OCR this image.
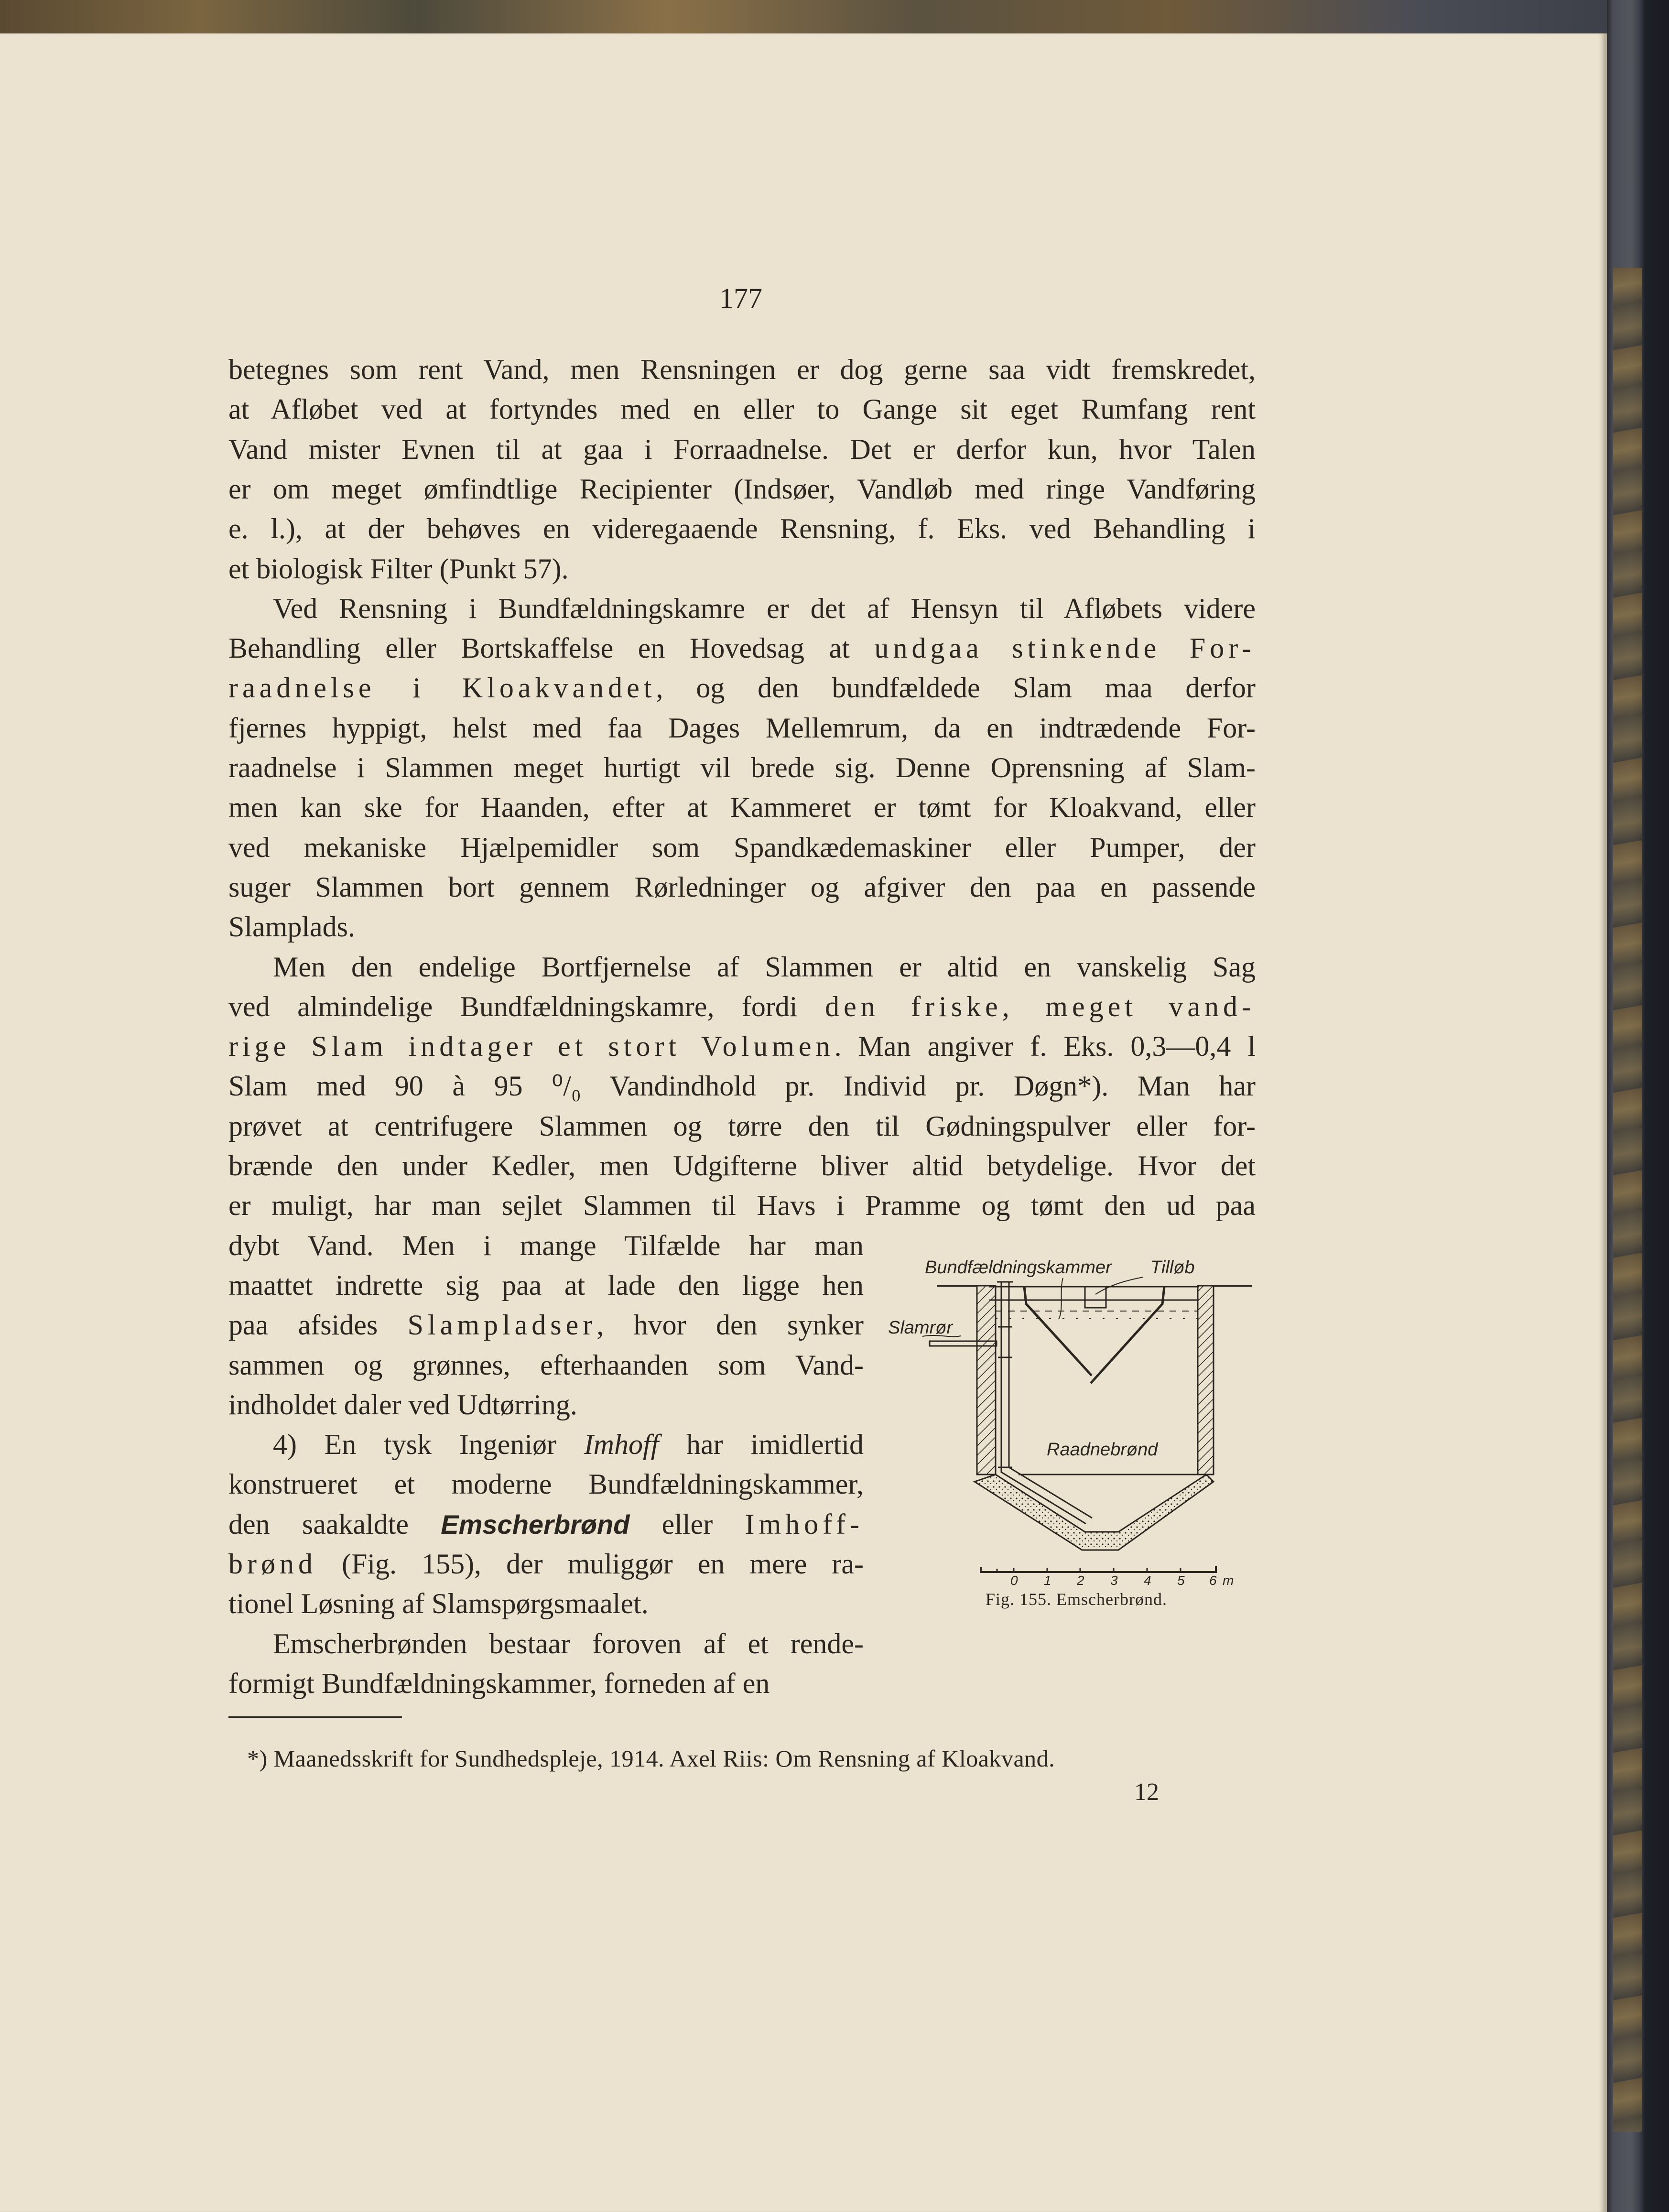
177
betegnes som rent Vand, men Rensningen er dog gerne saa vidt fremskredet,
at Afløbet ved at fortyndes med en eller to Gange sit eget Rumfang rent
Vand mister Evnen til at gaa i Forraadnelse. Det er derfor kun, hvor Talen
er om meget ømfindtlige Recipienter (Indsøer, Vandløb med ringe Vandføring
e. l.), at der behøves en videregaaende Rensning, f. Eks. ved Behandling i
et biologisk Filter (Punkt 57).
Ved Rensning i Bundfældningskamre er det af Hensyn til Afløbets videre
Behandling eller Bortskaffelse en Hovedsag at undgaa stinkende For-
raadnelse i Kloakvandet, og den bundfældede Slam maa derfor
fjernes hyppigt, helst med faa Dages Mellemrum, da en indtrædende For-
raadnelse i Slammen meget hurtigt vil brede sig. Denne Oprensning af Slam-
men kan ske for Haanden, efter at Kammeret er tømt for Kloakvand, eller
ved mekaniske Hjælpemidler som Spandkædemaskiner eller Pumper, der
suger Slammen bort gennem Rørledninger og afgiver den paa en passende
Slamplads.
Men den endelige Bortfjernelse af Slammen er altid en vanskelig Sag
ved almindelige Bundfældningskamre, fordi den friske, meget vand-
rige Slam indtager et stort Volumen. Man angiver f. Eks. 0,3—0,4 l
Slam med 90 à 95 ⁰/₀ Vandindhold pr. Individ pr. Døgn*). Man har
prøvet at centrifugere Slammen og tørre den til Gødningspulver eller for-
brænde den under Kedler, men Udgifterne bliver altid betydelige. Hvor det
er muligt, har man sejlet Slammen til Havs i Pramme og tømt den ud paa
dybt Vand. Men i mange Tilfælde har man
maattet indrette sig paa at lade den ligge hen
paa afsides Slampladser, hvor den synker
sammen og grønnes, efterhaanden som Vand-
indholdet daler ved Udtørring.
4) En tysk Ingeniør Imhoff har imidlertid
konstrueret et moderne Bundfældningskammer,
den saakaldte Emscherbrønd eller Imhoff-
brønd (Fig. 155), der muliggør en mere ra-
tionel Løsning af Slamspørgsmaalet.
Emscherbrønden bestaar foroven af et rende-
formigt Bundfældningskammer, forneden af en
Bundfældningskammer Tilløb
Slamrør
Raadnebrønd
0 1 2 3 4 5 6 m
Fig. 155. Emscherbrønd.
*) Maanedsskrift for Sundhedspleje, 1914. Axel Riis: Om Rensning af Kloakvand.
12
